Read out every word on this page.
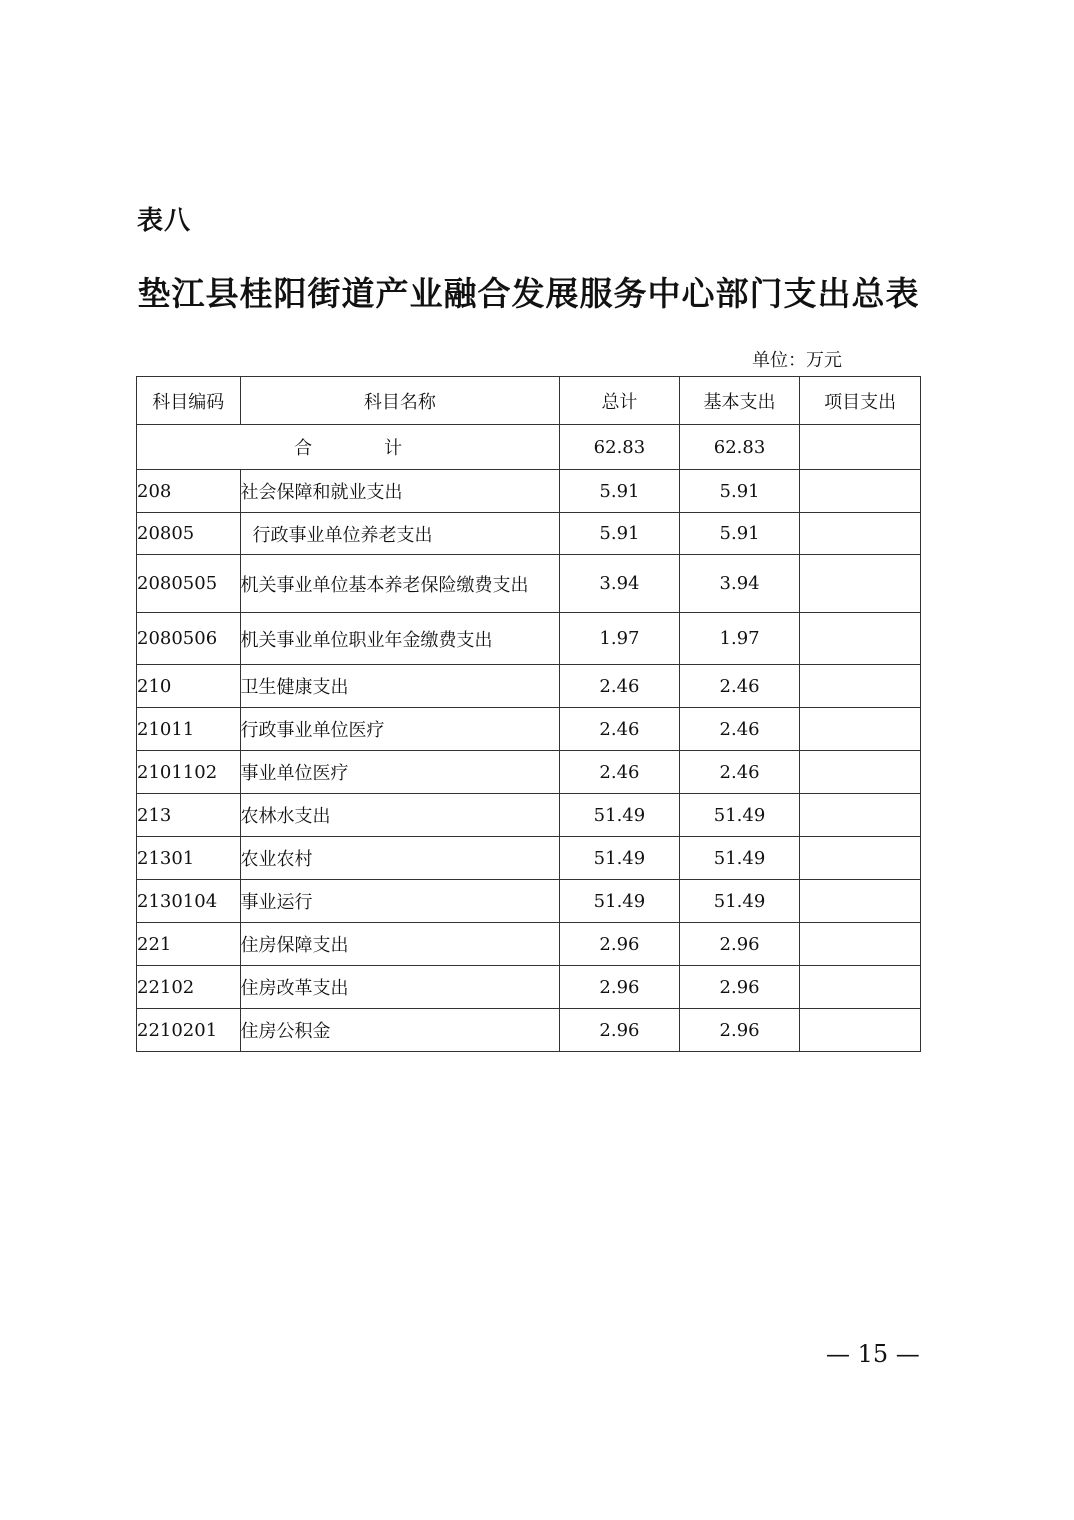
表八
垫江县桂阳街道产业融合发展服务中心部门支出总表
单位：万元
科目编码	科目名称	总计	基本支出	项目支出
合 计		62.83	62.83	
208	社会保障和就业支出	5.91	5.91	
20805	行政事业单位养老支出	5.91	5.91	
2080505	机关事业单位基本养老保险缴费支出	3.94	3.94	
2080506	机关事业单位职业年金缴费支出	1.97	1.97	
210	卫生健康支出	2.46	2.46	
21011	行政事业单位医疗	2.46	2.46	
2101102	事业单位医疗	2.46	2.46	
213	农林水支出	51.49	51.49	
21301	农业农村	51.49	51.49	
2130104	事业运行	51.49	51.49	
221	住房保障支出	2.96	2.96	
22102	住房改革支出	2.96	2.96	
2210201	住房公积金	2.96	2.96	
— 15 —
